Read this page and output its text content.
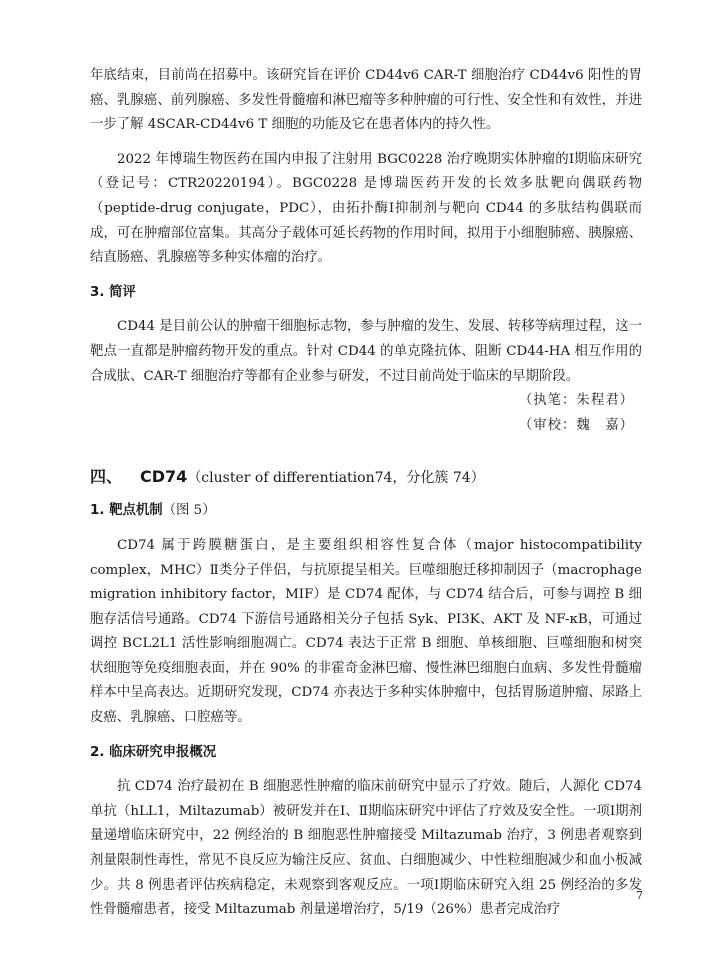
年底结束，目前尚在招募中。该研究旨在评价 CD44v6 CAR-T 细胞治疗 CD44v6 阳性的胃癌、乳腺癌、前列腺癌、多发性骨髓瘤和淋巴瘤等多种肿瘤的可行性、安全性和有效性，并进一步了解 4SCAR-CD44v6 T 细胞的功能及它在患者体内的持久性。

2022 年博瑞生物医药在国内申报了注射用 BGC0228 治疗晚期实体肿瘤的Ⅰ期临床研究（登记号：CTR20220194）。BGC0228 是博瑞医药开发的长效多肽靶向偶联药物（peptide-drug conjugate，PDC），由拓扑酶Ⅰ抑制剂与靶向 CD44 的多肽结构偶联而成，可在肿瘤部位富集。其高分子载体可延长药物的作用时间，拟用于小细胞肺癌、胰腺癌、结直肠癌、乳腺癌等多种实体瘤的治疗。

3. 简评

CD44 是目前公认的肿瘤干细胞标志物，参与肿瘤的发生、发展、转移等病理过程，这一靶点一直都是肿瘤药物开发的重点。针对 CD44 的单克隆抗体、阻断 CD44-HA 相互作用的合成肽、CAR-T 细胞治疗等都有企业参与研发，不过目前尚处于临床的早期阶段。

（执笔：朱程君）
（审校：魏　嘉）
四、 CD74（cluster of differentiation74，分化簇 74）
1. 靶点机制（图 5）

CD74 属于跨膜糖蛋白，是主要组织相容性复合体（major histocompatibility complex，MHC）Ⅱ类分子伴侣，与抗原提呈相关。巨噬细胞迁移抑制因子（macrophage migration inhibitory factor，MIF）是 CD74 配体，与 CD74 结合后，可参与调控 B 细胞存活信号通路。CD74 下游信号通路相关分子包括 Syk、PI3K、AKT 及 NF-κB，可通过调控 BCL2L1 活性影响细胞凋亡。CD74 表达于正常 B 细胞、单核细胞、巨噬细胞和树突状细胞等免疫细胞表面，并在 90% 的非霍奇金淋巴瘤、慢性淋巴细胞白血病、多发性骨髓瘤样本中呈高表达。近期研究发现，CD74 亦表达于多种实体肿瘤中，包括胃肠道肿瘤、尿路上皮癌、乳腺癌、口腔癌等。

2. 临床研究申报概况

抗 CD74 治疗最初在 B 细胞恶性肿瘤的临床前研究中显示了疗效。随后，人源化 CD74 单抗（hLL1，Miltazumab）被研发并在Ⅰ、Ⅱ期临床研究中评估了疗效及安全性。一项Ⅰ期剂量递增临床研究中，22 例经治的 B 细胞恶性肿瘤接受 Miltazumab 治疗，3 例患者观察到剂量限制性毒性，常见不良反应为输注反应、贫血、白细胞减少、中性粒细胞减少和血小板减少。共 8 例患者评估疾病稳定，未观察到客观反应。一项Ⅰ期临床研究入组 25 例经治的多发性骨髓瘤患者，接受 Miltazumab 剂量递增治疗，5/19（26%）患者完成治疗

7
